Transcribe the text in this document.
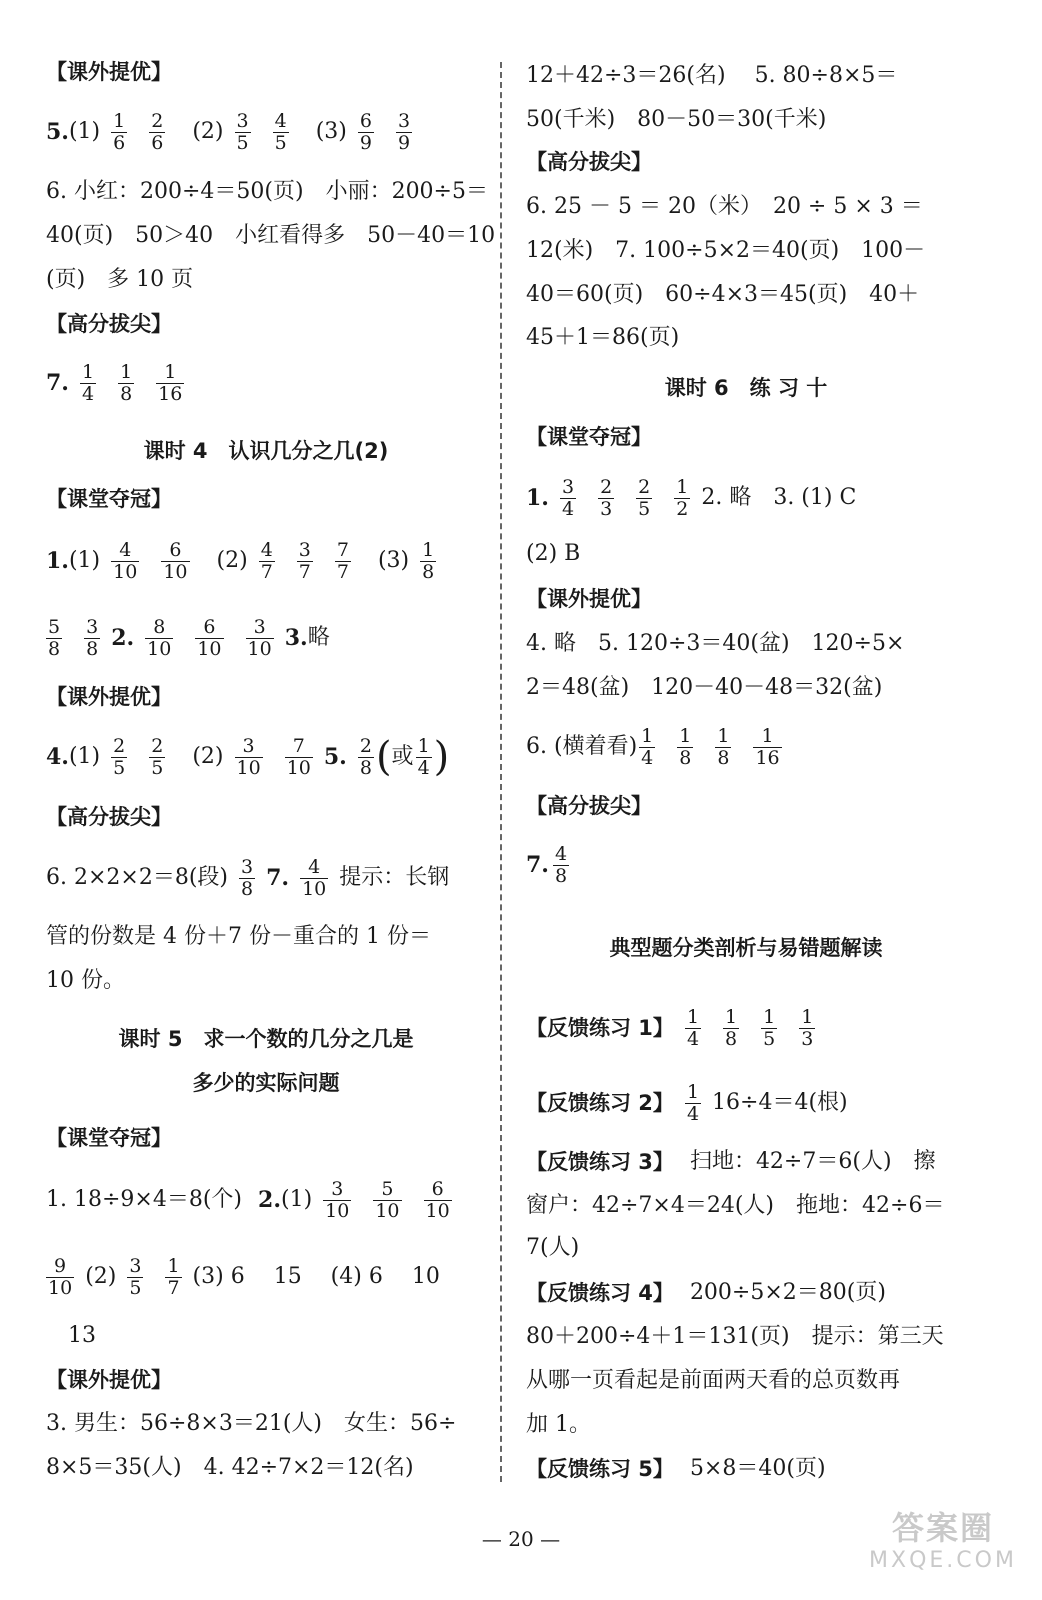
【课外提优】
5. $(1) \frac{1}{6} \frac{2}{6} (2) \frac{3}{5} \frac{4}{5} (3) \frac{6}{9} \frac{3}{9}$
6. 小红：200÷4＝50(页)　小丽：200÷5＝
40(页)　50＞40　小红看得多　50－40＝10
(页)　多 10 页
【高分拔尖】
7. $\frac{1}{4} \frac{1}{8} \frac{1}{16}$
课时 4　认识几分之几(2)
【课堂夺冠】
1. $(1) \frac{4}{10} \frac{6}{10} (2) \frac{4}{7} \frac{3}{7} \frac{7}{7} (3) \frac{1}{8}$
$\frac{5}{8} \frac{3}{8} 2$. $\frac{8}{10} \frac{6}{10} \frac{3}{10} 3$. 略
【课外提优】
4. $(1) \frac{2}{5} \frac{2}{5} (2) \frac{3}{10} \frac{7}{10} 5$. $\frac{2}{8}$ ( 或 $\frac{1}{4}$ )
【高分拔尖】
6. 2×2×2＝8(段) $\frac{3}{8} 7$. $\frac{4}{10}$ 提示：长钢
管的份数是 4 份＋7 份－重合的 1 份＝
10 份。
课时 5　求一个数的几分之几是
多少的实际问题
【课堂夺冠】
1. 18÷9×4＝8(个) 2. $(1) \frac{3}{10} \frac{5}{10} \frac{6}{10}$
$\frac{9}{10} (2) \frac{3}{5} \frac{1}{7} (3)$ 6　 15　 (4) 6　 10
13
【课外提优】
3. 男生：56÷8×3＝21(人)　女生：56÷
8×5＝35(人)　4. 42÷7×2＝12(名)
12＋42÷3＝26(名)　 5. 80÷8×5＝
50(千米)　80－50＝30(千米)
【高分拔尖】
6. 25 － 5 ＝ 20（米）　20 ÷ 5 × 3 ＝
12(米)　7. 100÷5×2＝40(页)　100－
40＝60(页)　60÷4×3＝45(页)　40＋
45＋1＝86(页)
课时 6　练 习 十
【课堂夺冠】
1. $\frac{3}{4} \frac{2}{3} \frac{2}{5} \frac{1}{2} 2$. 略　3. (1) C
(2) B
【课外提优】
4. 略　5. 120÷3＝40(盆)　120÷5×
2＝48(盆)　120－40－48＝32(盆)
6. (横着看) $\frac{1}{4} \frac{1}{8} \frac{1}{8} \frac{1}{16}$
【高分拔尖】
7. $\frac{4}{8}$
典型题分类剖析与易错题解读
【反馈练习 1】 $\frac{1}{4} \frac{1}{8} \frac{1}{5} \frac{1}{3}$
【反馈练习 2】 $\frac{1}{4} 16\div 4=4$(根)
【反馈练习 3】 扫地：42÷7＝6(人)　擦
窗户：42÷7×4＝24(人)　拖地：42÷6＝
7(人)
【反馈练习 4】 200÷5×2＝80(页)
80＋200÷4＋1＝131(页)　提示：第三天
从哪一页看起是前面两天看的总页数再
加 1。
【反馈练习 5】 5×8＝40(页)
— 20 —	答案圈
MXQE.COM
